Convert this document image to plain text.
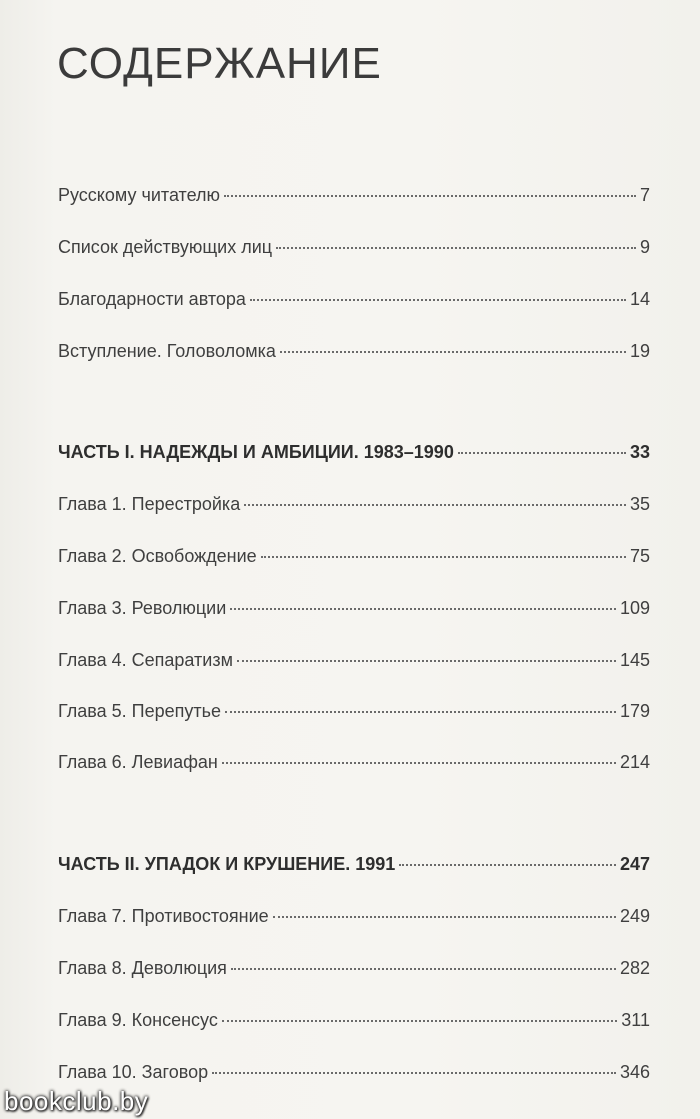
СОДЕРЖАНИЕ
Русскому читателю	7
Список действующих лиц	9
Благодарности автора	14
Вступление. Головоломка	19
ЧАСТЬ I. НАДЕЖДЫ И АМБИЦИИ. 1983–1990	33
Глава 1. Перестройка	35
Глава 2. Освобождение	75
Глава 3. Революции	109
Глава 4. Сепаратизм	145
Глава 5. Перепутье	179
Глава 6. Левиафан	214
ЧАСТЬ II. УПАДОК И КРУШЕНИЕ. 1991	247
Глава 7. Противостояние	249
Глава 8. Деволюция	282
Глава 9. Консенсус	311
Глава 10. Заговор	346
bookclub.by
